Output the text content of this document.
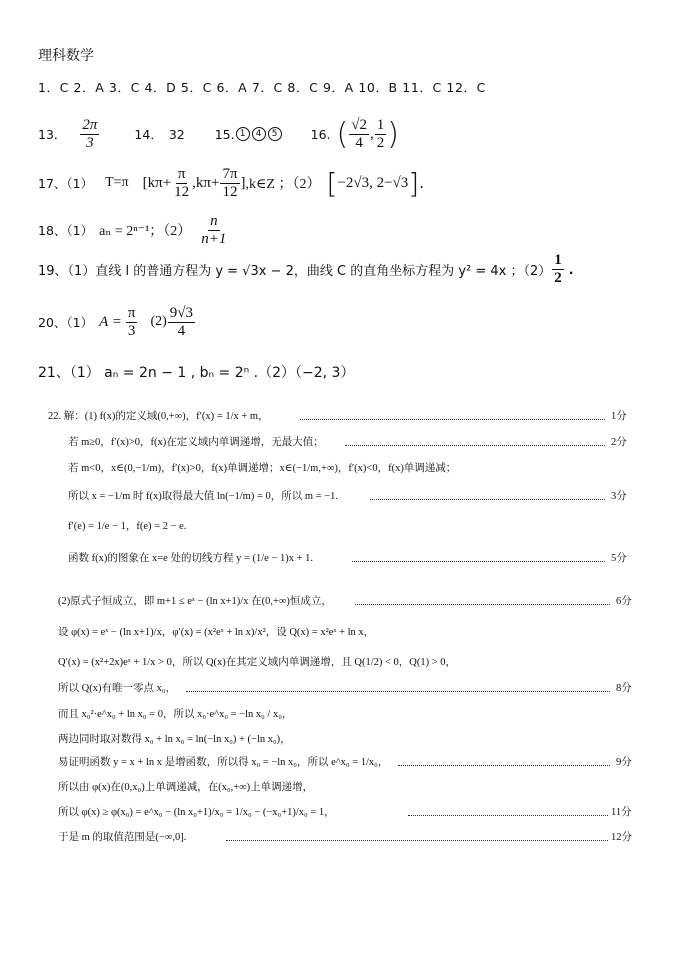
理科数学
1．C 2．A 3．C 4．D 5．C 6．A 7．C 8．C 9．A 10．B 11．C 12．C
13． $\frac{2\pi}{3}$	14． 32 15. 1	4	5	16. ( $\frac{√2}{4}$ , $\frac{1}{2}$ )
17、（1） T=π [ $k\pi+ \frac{\pi}{12} ,k\pi+ \frac{7\pi}{12}$ ] ,k∈Z ；（2） [ −2√3, 2−√3 ] .
18、（1） aₙ = 2ⁿ⁻¹；$(2) \frac{n}{n+1}$
19、（1）直线 l 的普通方程为 y = √3x − 2，曲线 C 的直角坐标方程为 y² = 4x ；$(2) \frac{1}{2}$ .
20、（1） $A = \frac{\pi}{3} (2) \frac{9√3}{4}$
21、（1） aₙ = 2n − 1 , bₙ = 2ⁿ .（2）（−2, 3）
22. 解：(1) f(x)的定义域(0,+∞)，f′(x) = 1/x + m，	1分
若 m≥0，f′(x)>0，f(x)在定义域内单调递增，无最大值；	2分
若 m<0，x∈(0,−1/m)，f′(x)>0，f(x)单调递增；x∈(−1/m,+∞)，f′(x)<0，f(x)单调递减；
所以 x = −1/m 时 f(x)取得最大值 ln(−1/m) = 0，所以 m = −1.	3分
f′(e) = 1/e − 1，f(e) = 2 − e.
函数 f(x)的图象在 x=e 处的切线方程 y = (1/e − 1)x + 1.	5分
(2)原式子恒成立，即 m+1 ≤ eˣ − (ln x+1)/x 在(0,+∞)恒成立，	6分
设 φ(x) = eˣ − (ln x+1)/x，φ′(x) = (x²eˣ + ln x)/x²，设 Q(x) = x²eˣ + ln x，
Q′(x) = (x²+2x)eˣ + 1/x > 0，所以 Q(x)在其定义域内单调递增，且 Q(1/2) < 0，Q(1) > 0，
所以 Q(x)有唯一零点 x₀，	8分
而且 x₀²·e^x₀ + ln x₀ = 0，所以 x₀·e^x₀ = −ln x₀ / x₀，
两边同时取对数得 x₀ + ln x₀ = ln(−ln x₀) + (−ln x₀)，
易证明函数 y = x + ln x 是增函数，所以得 x₀ = −ln x₀，所以 e^x₀ = 1/x₀，	9分
所以由 φ(x)在(0,x₀)上单调递减，在(x₀,+∞)上单调递增，
所以 φ(x) ≥ φ(x₀) = e^x₀ − (ln x₀+1)/x₀ = 1/x₀ − (−x₀+1)/x₀ = 1，	11分
于是 m 的取值范围是(−∞,0].	12分
